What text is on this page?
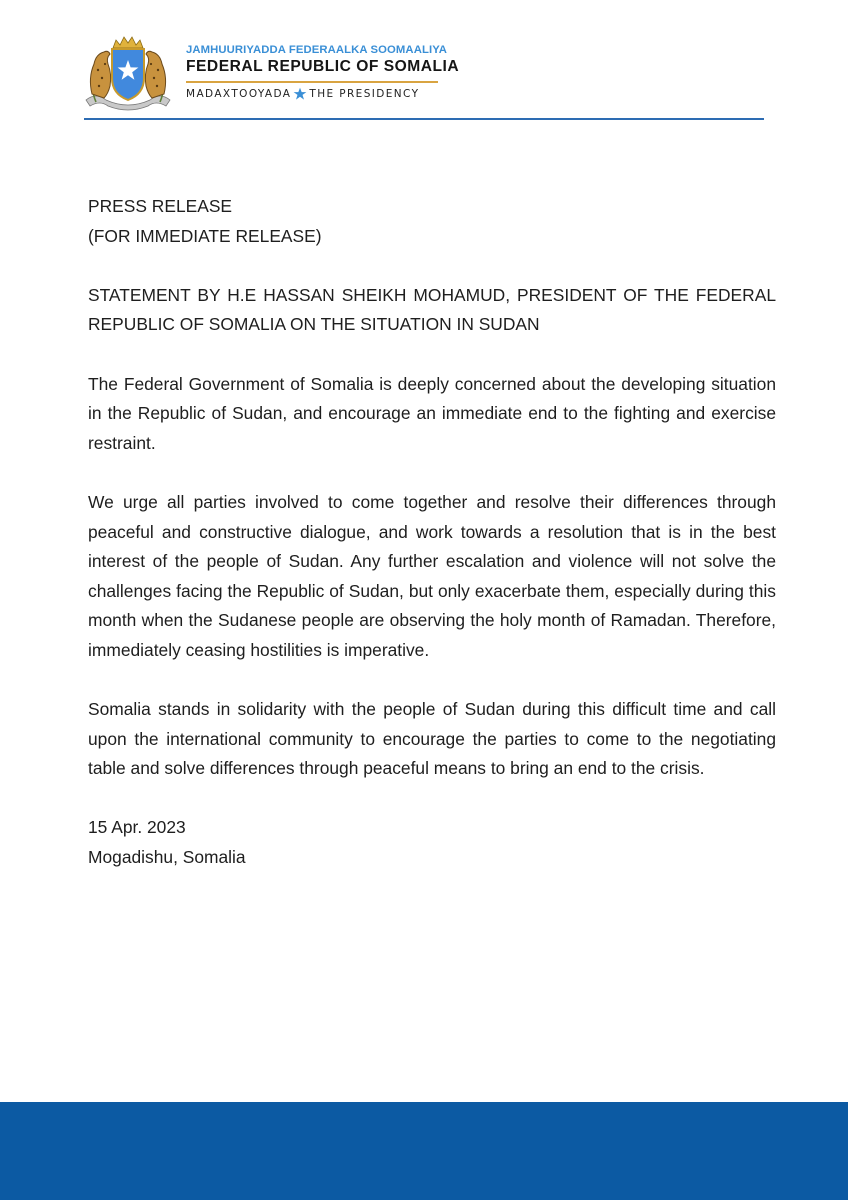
JAMHUURIYADDA FEDERAALKA SOOMAALIYA
FEDERAL REPUBLIC OF SOMALIA
MADAXTOOYADA THE PRESIDENCY

PRESS RELEASE

(FOR IMMEDIATE RELEASE)

STATEMENT BY H.E HASSAN SHEIKH MOHAMUD, PRESIDENT OF THE FEDERAL REPUBLIC OF SOMALIA ON THE SITUATION IN SUDAN

The Federal Government of Somalia is deeply concerned about the developing situation in the Republic of Sudan, and encourage an immediate end to the fighting and exercise restraint.

We urge all parties involved to come together and resolve their differences through peaceful and constructive dialogue, and work towards a resolution that is in the best interest of the people of Sudan. Any further escalation and violence will not solve the challenges facing the Republic of Sudan, but only exacerbate them, especially during this month when the Sudanese people are observing the holy month of Ramadan. Therefore, immediately ceasing hostilities is imperative.

Somalia stands in solidarity with the people of Sudan during this difficult time and call upon the international community to encourage the parties to come to the negotiating table and solve differences through peaceful means to bring an end to the crisis.

15 Apr. 2023

Mogadishu, Somalia
